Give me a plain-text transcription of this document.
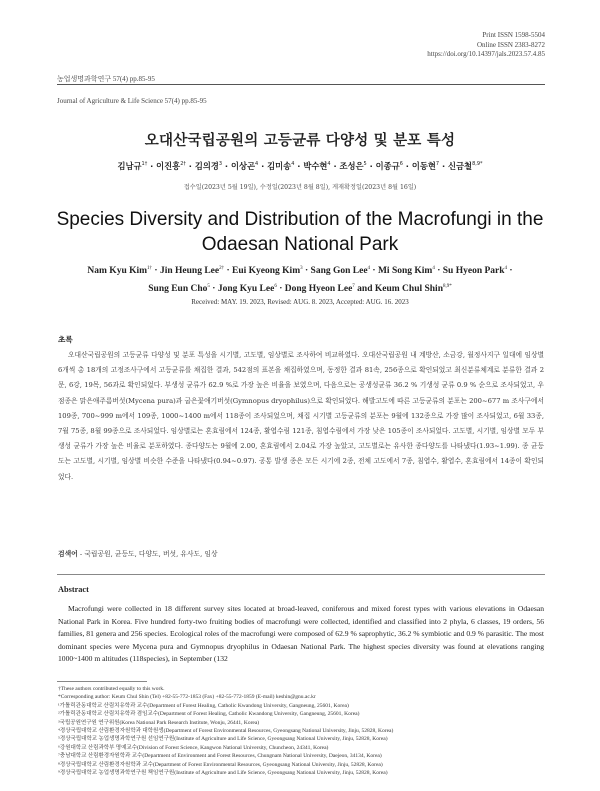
Print ISSN 1598-5504
Online ISSN 2383-8272
https://doi.org/10.14397/jals.2023.57.4.85
농업생명과학연구 57(4) pp.85-95
Journal of Agriculture & Life Science 57(4) pp.85-95
오대산국립공원의 고등균류 다양성 및 분포 특성
김남규$^{1\dagger}$ · 이진흥$^{2\dagger}$ · 김의경$^3$ · 이상곤$^4$ · 김미송$^4$ · 박수현$^4$ · 조성은$^5$ · 이종규$^6$ · 이동현$^7$ · 신금철$^{8,9*}$
접수일(2023년 5월 19일), 수정일(2023년 8월 8일), 게재확정일(2023년 8월 16일)
Species Diversity and Distribution of the Macrofungi in the Odaesan National Park
Nam Kyu Kim$^{1\dagger}$ · Jin Heung Lee$^{2\dagger}$ · Eui Kyeong Kim$^3$ · Sang Gon Lee$^4$ · Mi Song Kim$^4$ · Su Hyeon Park$^4$ ·
Sung Eun Cho$^5$ · Jong Kyu Lee$^6$ · Dong Hyeon Lee$^7$ and Keum Chul Shin$^{8,9*}$
Received: MAY. 19. 2023, Revised: AUG. 8. 2023, Accepted: AUG. 16. 2023
초록
오대산국립공원의 고등균류 다양성 및 분포 특성을 시기별, 고도별, 임상별로 조사하여 비교하였다. 오대산국립공원 내 계방산, 소금강, 월정사지구 일대에 임상별 6개씩 총 18개의 고정조사구에서 고등균류를 채집한 결과, 542점의 표본을 채집하였으며, 동정한 결과 81속, 256종으로 확인되었고 최신분류체계로 분류한 결과 2문, 6강, 19목, 56과로 확인되었다. 부생성 균류가 62.9 %로 가장 높은 비율을 보였으며, 다음으로는 공생성균류 36.2 % 기생성 균류 0.9 % 순으로 조사되었고, 우점종은 맑은애주름버섯(Mycena pura)과 굽은꽃애기버섯(Gymnopus dryophilus)으로 확인되었다. 해발고도에 따른 고등균류의 분포는 200~677 m 조사구에서 109종, 700~999 m에서 109종, 1000~1400 m에서 118종이 조사되었으며, 채집 시기별 고등균류의 분포는 9월에 132종으로 가장 많이 조사되었고, 6월 33종, 7월 75종, 8월 99종으로 조사되었다. 임상별로는 혼효림에서 124종, 활엽수림 121종, 침엽수림에서 가장 낮은 105종이 조사되었다. 고도별, 시기별, 임상별 모두 부생성 균류가 가장 높은 비율로 분포하였다. 종다양도는 9월에 2.00, 혼효림에서 2.04로 가장 높았고, 고도별로는 유사한 종다양도를 나타냈다(1.93~1.99). 종 균등도는 고도별, 시기별, 임상별 비슷한 수준을 나타냈다(0.94~0.97). 공통 발생 종은 모든 시기에 2종, 전체 고도에서 7종, 침엽수, 활엽수, 혼효림에서 14종이 확인되었다.
검색어 - 국립공원, 균등도, 다양도, 버섯, 유사도, 임상
Abstract
Macrofungi were collected in 18 different survey sites located at broad-leaved, coniferous and mixed forest types with various elevations in Odaesan National Park in Korea. Five hundred forty-two fruiting bodies of macrofungi were collected, identified and classified into 2 phyla, 6 classes, 19 orders, 56 families, 81 genera and 256 species. Ecological roles of the macrofungi were composed of 62.9 % saprophytic, 36.2 % symbiotic and 0.9 % parasitic. The most dominant species were Mycena pura and Gymnopus dryophilus in Odaesan National Park. The highest species diversity was found at elevations ranging 1000~1400 m altitudes (118species), in September (132
†These authors contributed equally to this work.
*Corresponding author: Keum Chul Shin (Tel) +82-55-772-1853 (Fax) +82-55-772-1859 (E-mail) keshin@gnu.ac.kr
¹가톨릭관동대학교 산림치유학과 교수(Department of Forest Healing, Catholic Kwandong University, Gangneung, 25601, Korea)
²가톨릭관동대학교 산림치유학과 겸임교수(Department of Forest Healing, Catholic Kwandong University, Gangneung, 25601, Korea)
³국립공원연구원 연구위원(Korea National Park Research Institute, Wonju, 26441, Korea)
⁴경상국립대학교 산림환경자원학과 대학원생(Department of Forest Environmental Resources, Gyeongsang National University, Jinju, 52828, Korea)
⁵경상국립대학교 농업생명과학연구원 선임연구원(Institute of Agriculture and Life Science, Gyeongsang National University, Jinju, 52828, Korea)
⁶강원대학교 산림과학부 명예교수(Division of Forest Science, Kangwon National University, Chuncheon, 24341, Korea)
⁷충남대학교 산림환경자원학과 교수(Department of Environment and Forest Resources, Chungnam National University, Daejeon, 34134, Korea)
⁸경상국립대학교 산림환경자원학과 교수(Department of Forest Environmental Resources, Gyeongsang National University, Jinju, 52828, Korea)
⁹경상국립대학교 농업생명과학연구원 책임연구원(Institute of Agriculture and Life Science, Gyeongsang National University, Jinju, 52828, Korea)
